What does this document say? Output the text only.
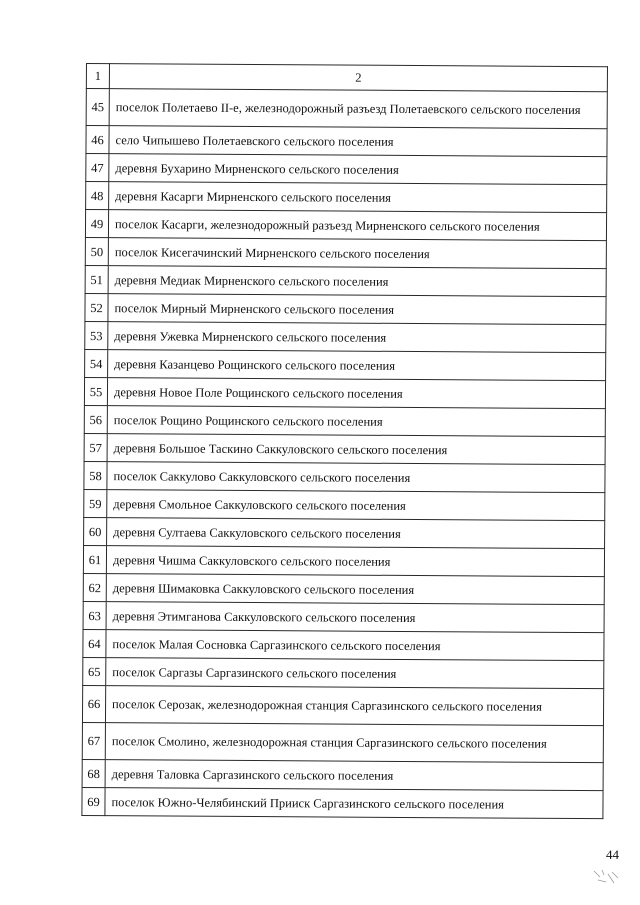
1	2
45	поселок Полетаево II-е, железнодорожный разъезд Полетаевского сельского поселения
46	село Чипышево Полетаевского сельского поселения
47	деревня Бухарино Мирненского сельского поселения
48	деревня Касарги Мирненского сельского поселения
49	поселок Касарги, железнодорожный разъезд Мирненского сельского поселения
50	поселок Кисегачинский Мирненского сельского поселения
51	деревня Медиак Мирненского сельского поселения
52	поселок Мирный Мирненского сельского поселения
53	деревня Ужевка Мирненского сельского поселения
54	деревня Казанцево Рощинского сельского поселения
55	деревня Новое Поле Рощинского сельского поселения
56	поселок Рощино Рощинского сельского поселения
57	деревня Большое Таскино Саккуловского сельского поселения
58	поселок Саккулово Саккуловского сельского поселения
59	деревня Смольное Саккуловского сельского поселения
60	деревня Султаева Саккуловского сельского поселения
61	деревня Чишма Саккуловского сельского поселения
62	деревня Шимаковка Саккуловского сельского поселения
63	деревня Этимганова Саккуловского сельского поселения
64	поселок Малая Сосновка Саргазинского сельского поселения
65	поселок Саргазы Саргазинского сельского поселения
66	поселок Серозак, железнодорожная станция Саргазинского сельского поселения
67	поселок Смолино, железнодорожная станция Саргазинского сельского поселения
68	деревня Таловка Саргазинского сельского поселения
69	поселок Южно-Челябинский Прииск Саргазинского сельского поселения
44
